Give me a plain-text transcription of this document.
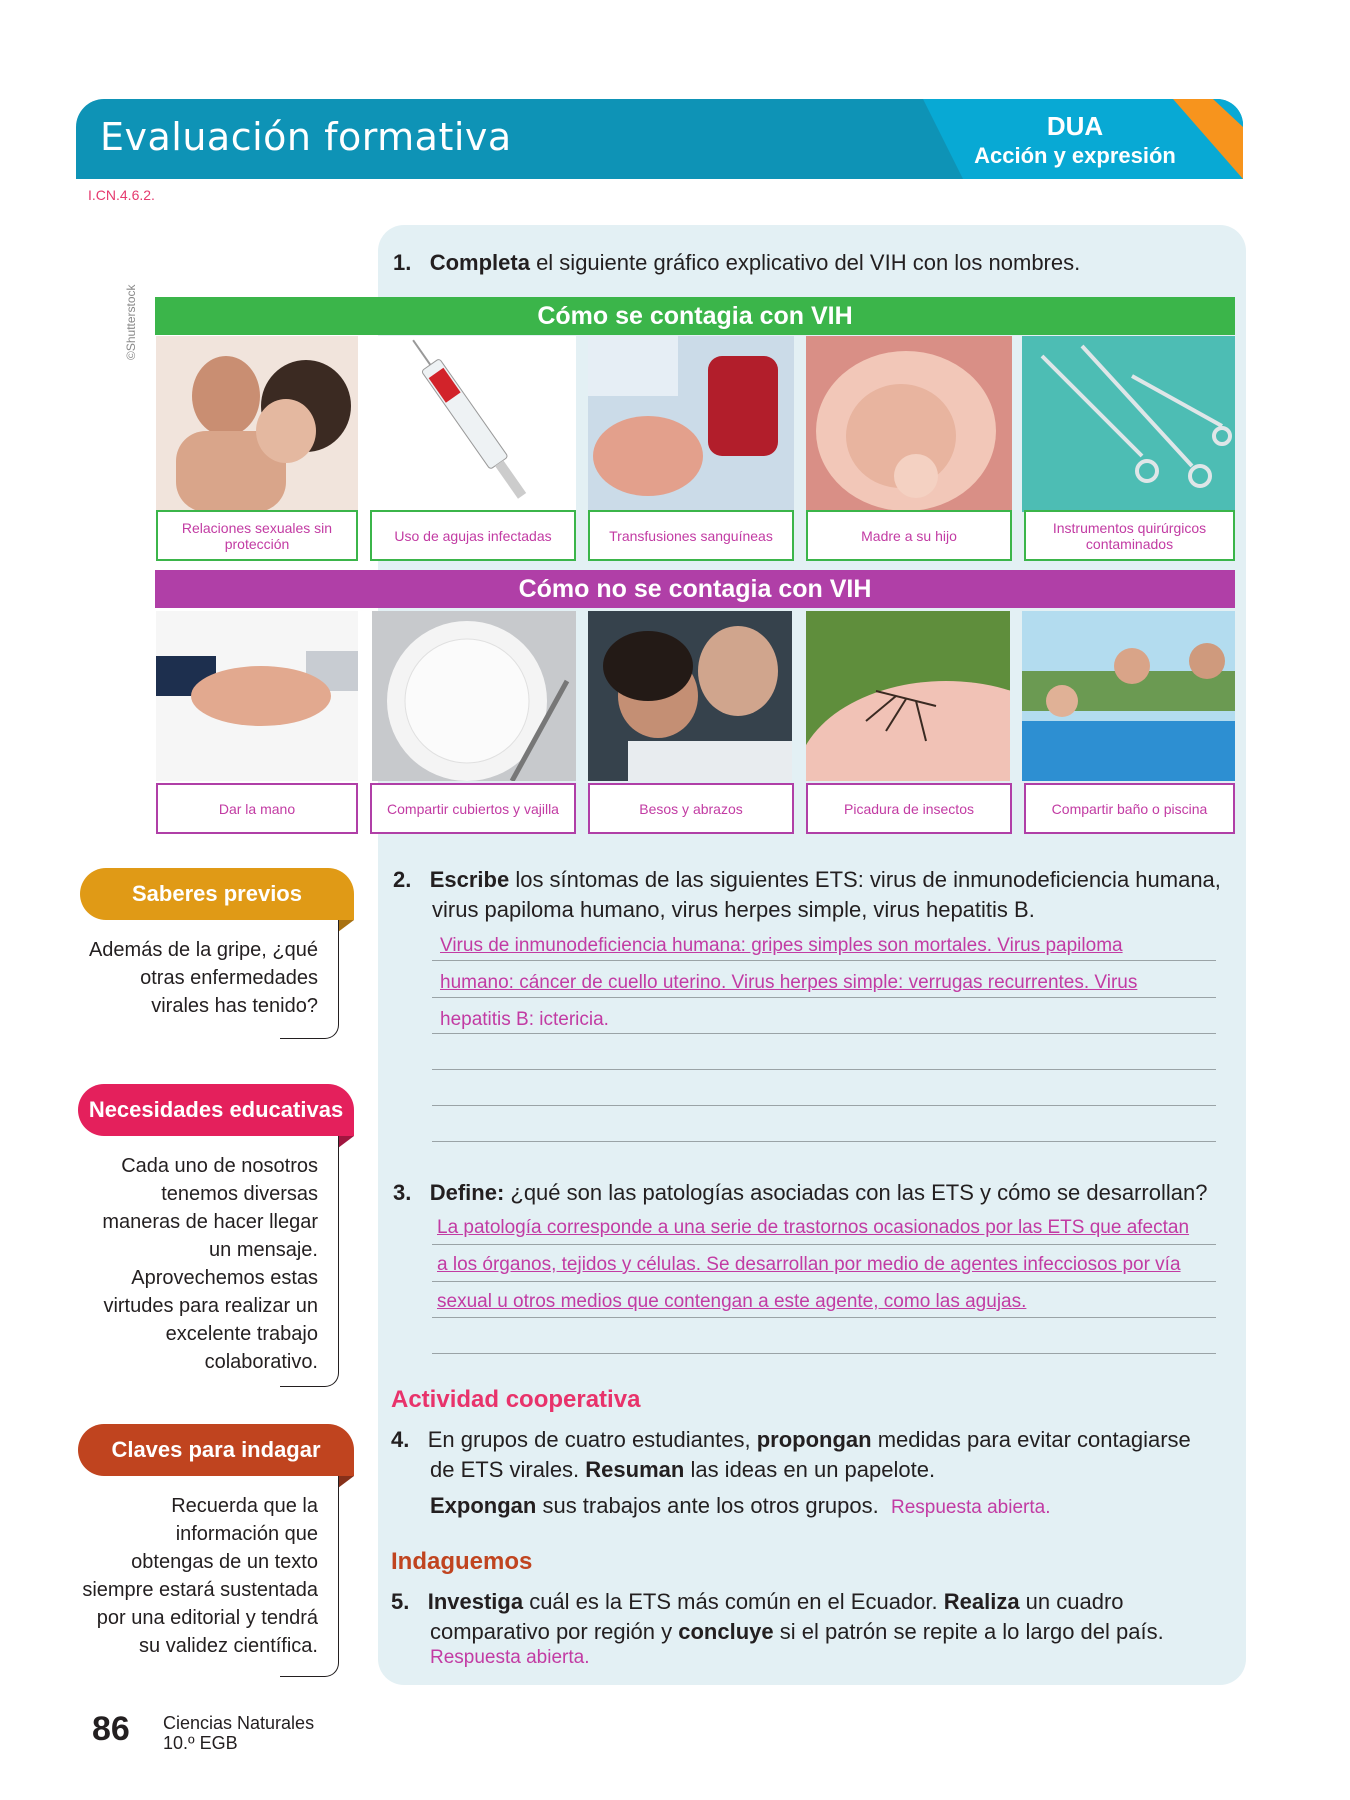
Evaluación formativa	DUA
Acción y expresión
I.CN.4.6.2.
©Shutterstock
1. Completa el siguiente gráfico explicativo del VIH con los nombres.
Cómo se contagia con VIH
Relaciones sexuales sin protección	Uso de agujas infectadas	Transfusiones sanguíneas	Madre a su hijo	Instrumentos quirúrgicos contaminados
Cómo no se contagia con VIH
Dar la mano	Compartir cubiertos y vajilla	Besos y abrazos	Picadura de insectos	Compartir baño o piscina
2. Escribe los síntomas de las siguientes ETS: virus de inmunodeficiencia humana,
virus papiloma humano, virus herpes simple, virus hepatitis B.
Virus de inmunodeficiencia humana: gripes simples son mortales. Virus papiloma
humano: cáncer de cuello uterino. Virus herpes simple: verrugas recurrentes. Virus
hepatitis B: ictericia.
3. Define: ¿qué son las patologías asociadas con las ETS y cómo se desarrollan?
La patología corresponde a una serie de trastornos ocasionados por las ETS que afectan
a los órganos, tejidos y células. Se desarrollan por medio de agentes infecciosos por vía
sexual u otros medios que contengan a este agente, como las agujas.
Actividad cooperativa
4. En grupos de cuatro estudiantes, propongan medidas para evitar contagiarse
de ETS virales. Resuman las ideas en un papelote.
Expongan sus trabajos ante los otros grupos. Respuesta abierta.
Indaguemos
5. Investiga cuál es la ETS más común en el Ecuador. Realiza un cuadro
comparativo por región y concluye si el patrón se repite a lo largo del país.
Respuesta abierta.
Saberes previos
Además de la gripe, ¿qué
otras enfermedades
virales has tenido?
Necesidades educativas
Cada uno de nosotros
tenemos diversas
maneras de hacer llegar
un mensaje.
Aprovechemos estas
virtudes para realizar un
excelente trabajo
colaborativo.
Claves para indagar
Recuerda que la
información que
obtengas de un texto
siempre estará sustentada
por una editorial y tendrá
su validez científica.
86 Ciencias Naturales
10.º EGB
